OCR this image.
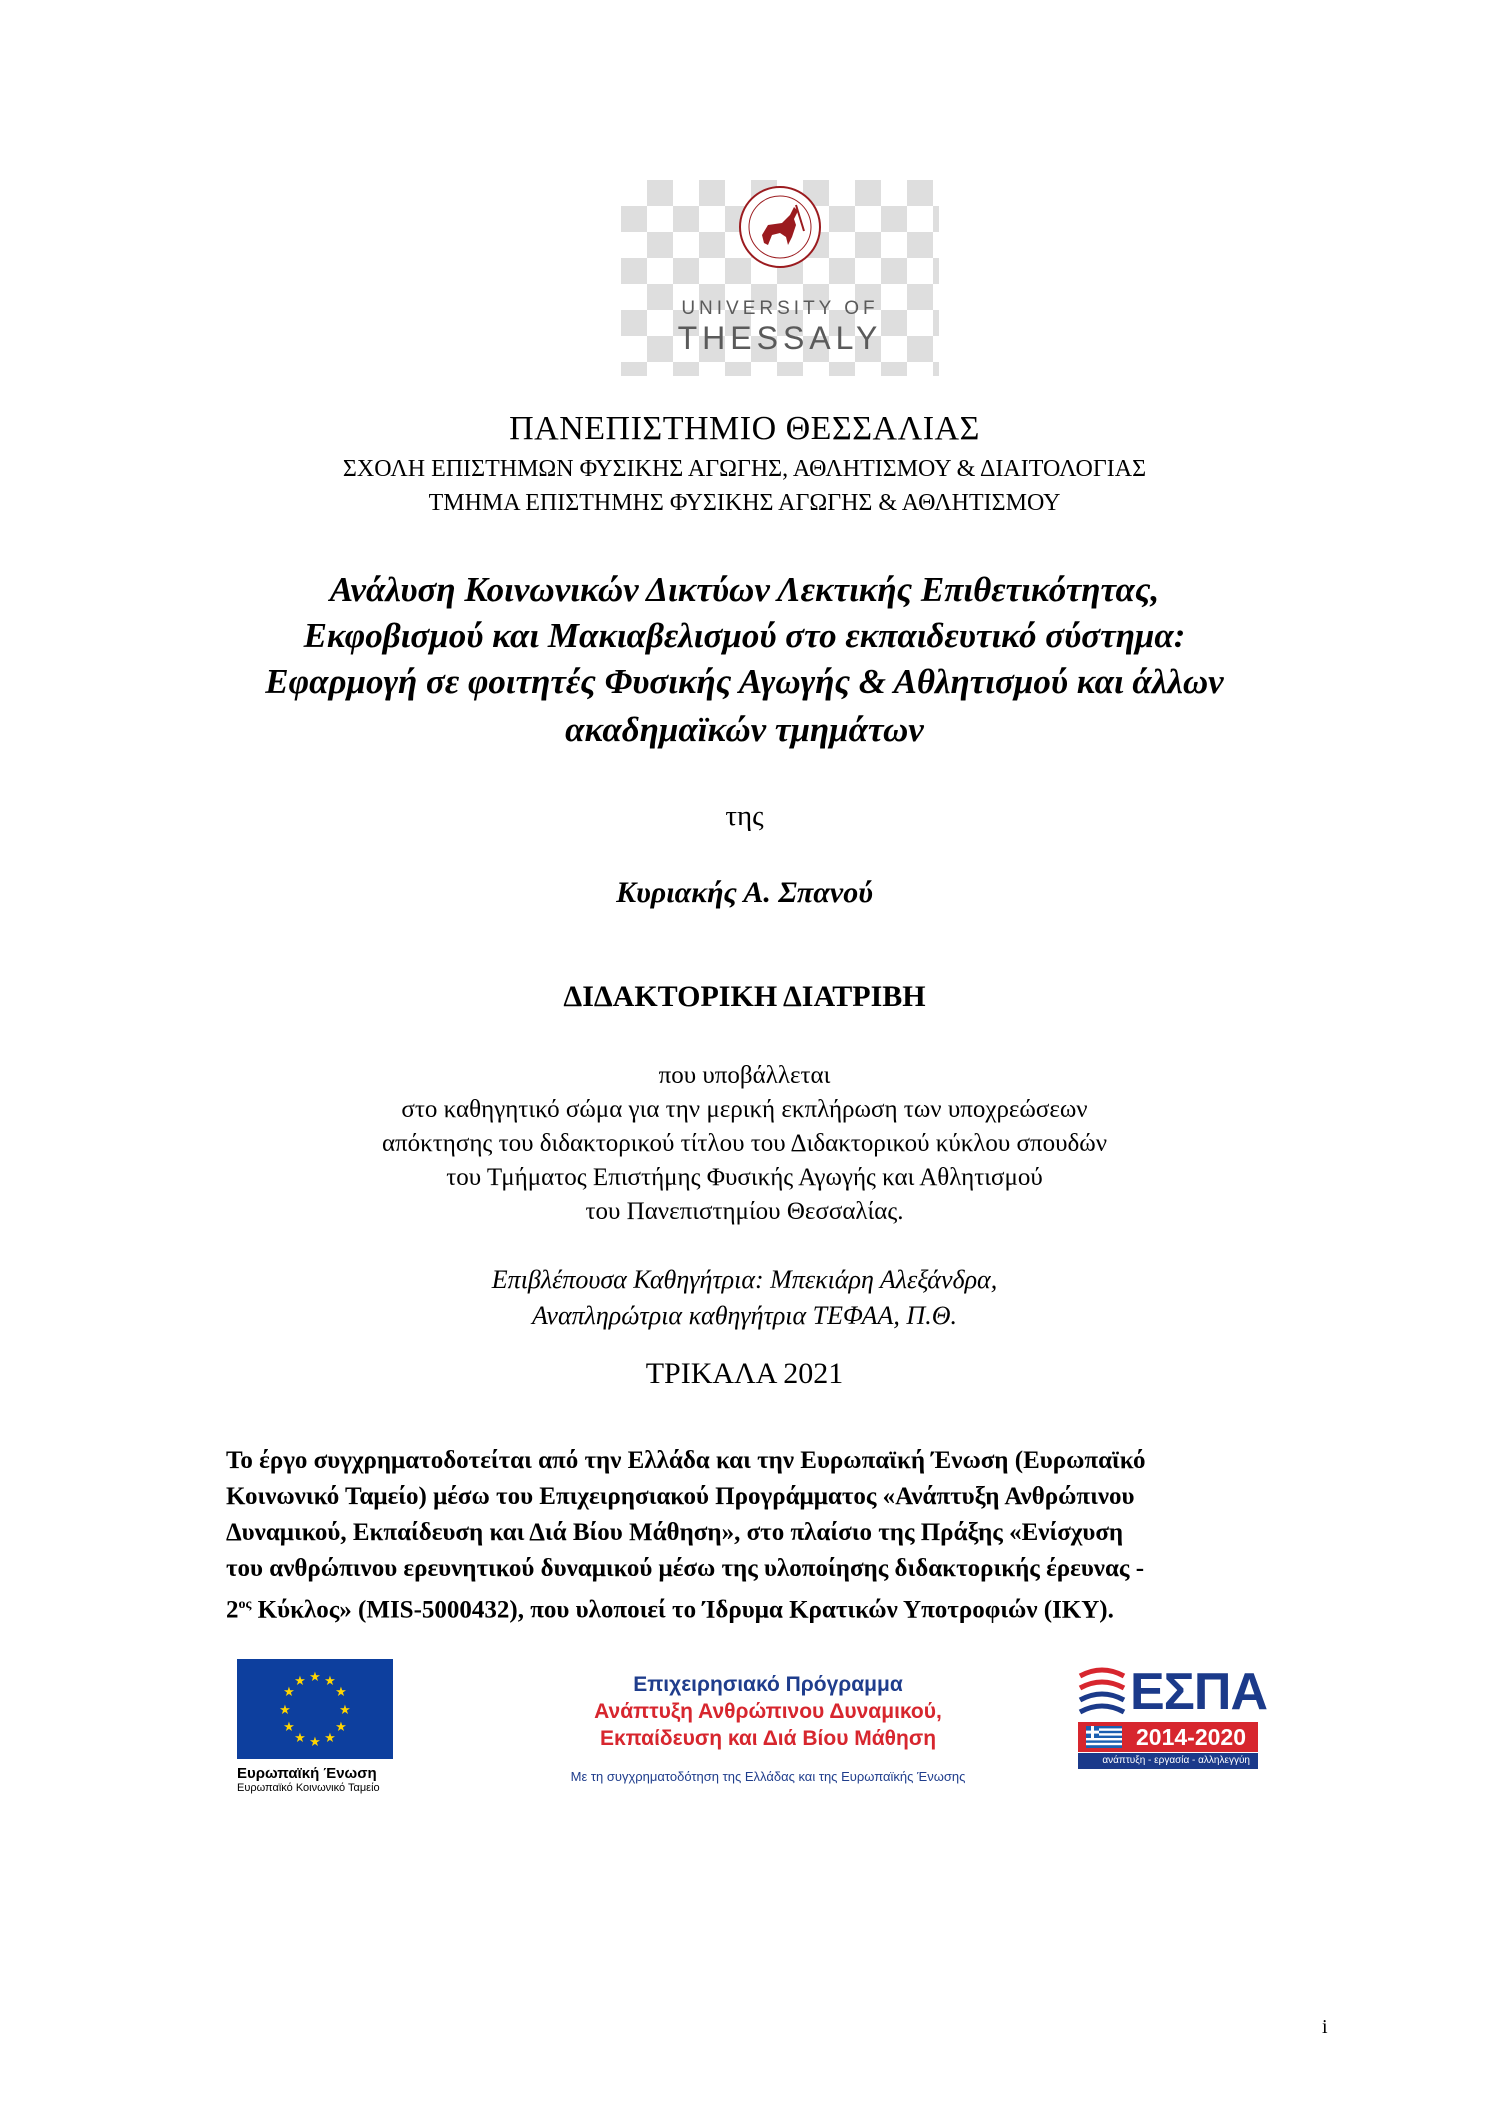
UNIVERSITY OF
THESSALY
ΠΑΝΕΠΙΣΤΗΜΙΟ ΘΕΣΣΑΛΙΑΣ
ΣΧΟΛΗ ΕΠΙΣΤΗΜΩΝ ΦΥΣΙΚΗΣ ΑΓΩΓΗΣ, ΑΘΛΗΤΙΣΜΟΥ & ΔΙΑΙΤΟΛΟΓΙΑΣ
ΤΜΗΜΑ ΕΠΙΣΤΗΜΗΣ ΦΥΣΙΚΗΣ ΑΓΩΓΗΣ & ΑΘΛΗΤΙΣΜΟΥ
Ανάλυση Κοινωνικών Δικτύων Λεκτικής Επιθετικότητας,
Εκφοβισμού και Μακιαβελισμού στο εκπαιδευτικό σύστημα:
Εφαρμογή σε φοιτητές Φυσικής Αγωγής & Αθλητισμού και άλλων
ακαδημαϊκών τμημάτων
της
Κυριακής Α. Σπανού
ΔΙΔΑΚΤΟΡΙΚΗ ΔΙΑΤΡΙΒΗ
που υποβάλλεται
στο καθηγητικό σώμα για την μερική εκπλήρωση των υποχρεώσεων
απόκτησης του διδακτορικού τίτλου του Διδακτορικού κύκλου σπουδών
του Τμήματος Επιστήμης Φυσικής Αγωγής και Αθλητισμού
του Πανεπιστημίου Θεσσαλίας.
Επιβλέπουσα Καθηγήτρια: Μπεκιάρη Αλεξάνδρα,
Αναπληρώτρια καθηγήτρια ΤΕΦΑΑ, Π.Θ.
ΤΡΙΚΑΛΑ 2021
Το έργο συγχρηματοδοτείται από την Ελλάδα και την Ευρωπαϊκή Ένωση (Ευρωπαϊκό
Κοινωνικό Ταμείο) μέσω του Επιχειρησιακού Προγράμματος «Ανάπτυξη Ανθρώπινου
Δυναμικού, Εκπαίδευση και Διά Βίου Μάθηση», στο πλαίσιο της Πράξης «Ενίσχυση
του ανθρώπινου ερευνητικού δυναμικού μέσω της υλοποίησης διδακτορικής έρευνας -
$2^{o\varsigma}$ Κύκλος» (MIS-5000432), που υλοποιεί το Ίδρυμα Κρατικών Υποτροφιών (ΙΚΥ).
★ ★
★
★
★
★
★
★
★
★
★
★
Ευρωπαϊκή Ένωση
Ευρωπαϊκό Κοινωνικό Ταμείο
Επιχειρησιακό Πρόγραμμα
Ανάπτυξη Ανθρώπινου Δυναμικού,
Εκπαίδευση και Διά Βίου Μάθηση
Με τη συγχρηματοδότηση της Ελλάδας και της Ευρωπαϊκής Ένωσης
ΕΣΠΑ
2014-2020
ανάπτυξη - εργασία - αλληλεγγύη
i
